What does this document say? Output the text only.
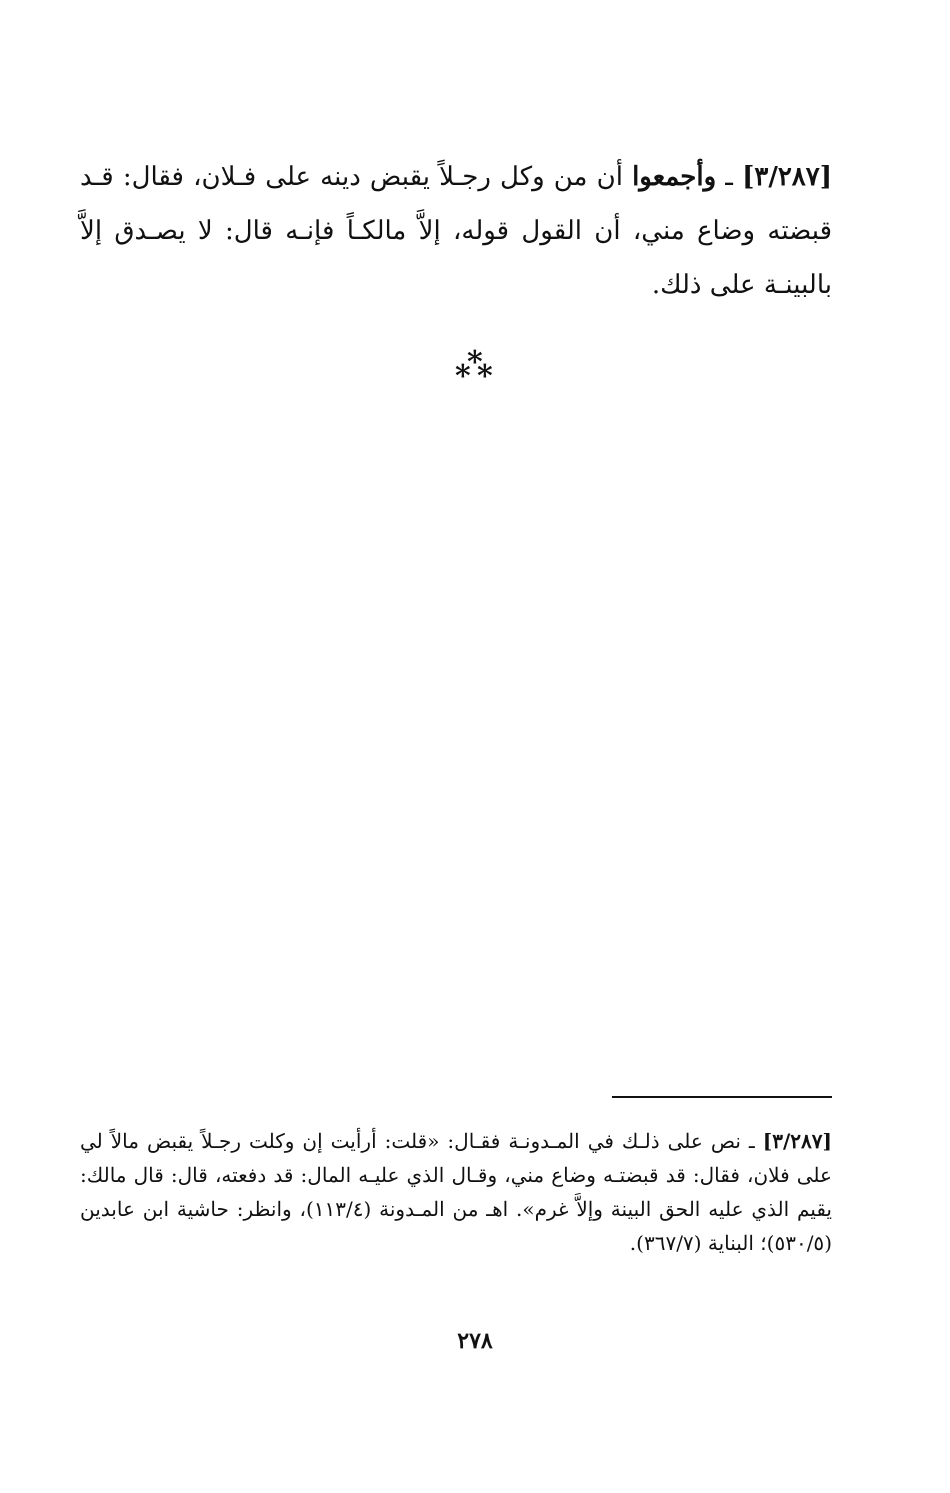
[٣/٢٨٧] ـ وأجمعوا أن من وكل رجـلاً يقبض دينه على فـلان، فقال: قـد قبضته وضاع مني، أن القول قوله، إلاَّ مالكـاً فإنـه قال: لا يصـدق إلاَّ بالبينـة على ذلك.

*
* *

[٣/٢٨٧] ـ نص على ذلـك في المـدونـة فقـال: «قلت: أرأيت إن وكلت رجـلاً يقبض مالاً لي على فلان، فقال: قد قبضتـه وضاع مني، وقـال الذي عليـه المال: قد دفعته، قال: قال مالك: يقيم الذي عليه الحق البينة وإلاَّ غرم». اهـ من المـدونة (١١٣/٤)، وانظر: حاشية ابن عابدين (٥٣٠/٥)؛ البناية (٣٦٧/٧).

٢٧٨
